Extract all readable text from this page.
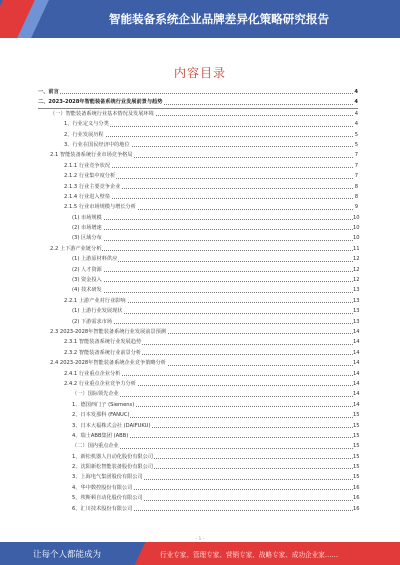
智能装备系统企业品牌差异化策略研究报告
内容目录
一、前言	4
二、2023-2028年智能装备系统行业发展前景与趋势	4
（一）智能装备系统行业基本情况及发展环境	4
1、行业定义与分类	4
2、行业发展历程	5
3、行业在国民经济中的地位	5
2.1 智能装备系统行业市场竞争格局	7
2.1.1 行业竞争状况	7
2.1.2 行业集中度分析	7
2.1.3 行业主要竞争企业	8
2.1.4 行业进入壁垒	8
2.1.5 行业市场规模与增长分析	9
(1) 市场规模	10
(2) 市场增速	10
(3) 区域分布	10
2.2 上下游产业链分析	11
(1) 上游原材料供应	12
(2) 人才资源	12
(3) 资金投入	12
(4) 技术研发	13
2.2.1 上游产业对行业影响	13
(1) 上游行业发展现状	13
(2) 下游需求市场	13
2.3 2023-2028年智能装备系统行业发展前景预测	14
2.3.1 智能装备系统行业发展趋势	14
2.3.2 智能装备系统行业前景分析	14
2.4 2023-2028年智能装备系统企业竞争策略分析	14
2.4.1 行业重点企业分析	14
2.4.2 行业重点企业竞争力分析	14
（一）国际领先企业	14
1、德国西门子 (Siemens)	14
2、日本发那科 (FANUC)	15
3、日本大福株式会社 (DAIFUKU)	15
4、瑞士ABB集团 (ABB)	15
（二）国内重点企业	15
1、新松机器人自动化股份有限公司	15
2、沈阳新松智能装备股份有限公司	15
3、上海电气集团股份有限公司	15
4、华中数控股份有限公司	16
5、埃斯顿自动化股份有限公司	16
6、汇川技术股份有限公司	16
- 1 -
让每个人都能成为	行业专家、管理专家、营销专家、战略专家、成功企业家……
